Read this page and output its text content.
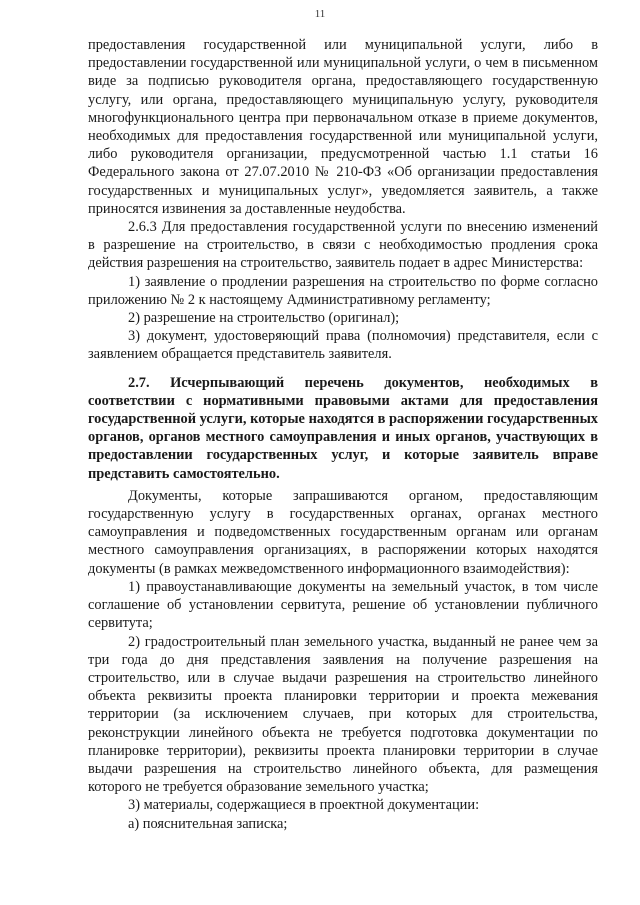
11

предоставления государственной или муниципальной услуги, либо в предоставлении государственной или муниципальной услуги, о чем в письменном виде за подписью руководителя органа, предоставляющего государственную услугу, или органа, предоставляющего муниципальную услугу, руководителя многофункционального центра при первоначальном отказе в приеме документов, необходимых для предоставления государственной или муниципальной услуги, либо руководителя организации, предусмотренной частью 1.1 статьи 16 Федерального закона от 27.07.2010 № 210-ФЗ «Об организации предоставления государственных и муниципальных услуг», уведомляется заявитель, а также приносятся извинения за доставленные неудобства.

2.6.3 Для предоставления государственной услуги по внесению изменений в разрешение на строительство, в связи с необходимостью продления срока действия разрешения на строительство, заявитель подает в адрес Министерства:

1) заявление о продлении разрешения на строительство по форме согласно приложению № 2 к настоящему Административному регламенту;

2) разрешение на строительство (оригинал);

3) документ, удостоверяющий права (полномочия) представителя, если с заявлением обращается представитель заявителя.

2.7. Исчерпывающий перечень документов, необходимых в соответствии с нормативными правовыми актами для предоставления государственной услуги, которые находятся в распоряжении государственных органов, органов местного самоуправления и иных органов, участвующих в предоставлении государственных услуг, и которые заявитель вправе представить самостоятельно.

Документы, которые запрашиваются органом, предоставляющим государственную услугу в государственных органах, органах местного самоуправления и подведомственных государственным органам или органам местного самоуправления организациях, в распоряжении которых находятся документы (в рамках межведомственного информационного взаимодействия):

1) правоустанавливающие документы на земельный участок, в том числе соглашение об установлении сервитута, решение об установлении публичного сервитута;

2) градостроительный план земельного участка, выданный не ранее чем за три года до дня представления заявления на получение разрешения на строительство, или в случае выдачи разрешения на строительство линейного объекта реквизиты проекта планировки территории и проекта межевания территории (за исключением случаев, при которых для строительства, реконструкции линейного объекта не требуется подготовка документации по планировке территории), реквизиты проекта планировки территории в случае выдачи разрешения на строительство линейного объекта, для размещения которого не требуется образование земельного участка;

3) материалы, содержащиеся в проектной документации:

а) пояснительная записка;
